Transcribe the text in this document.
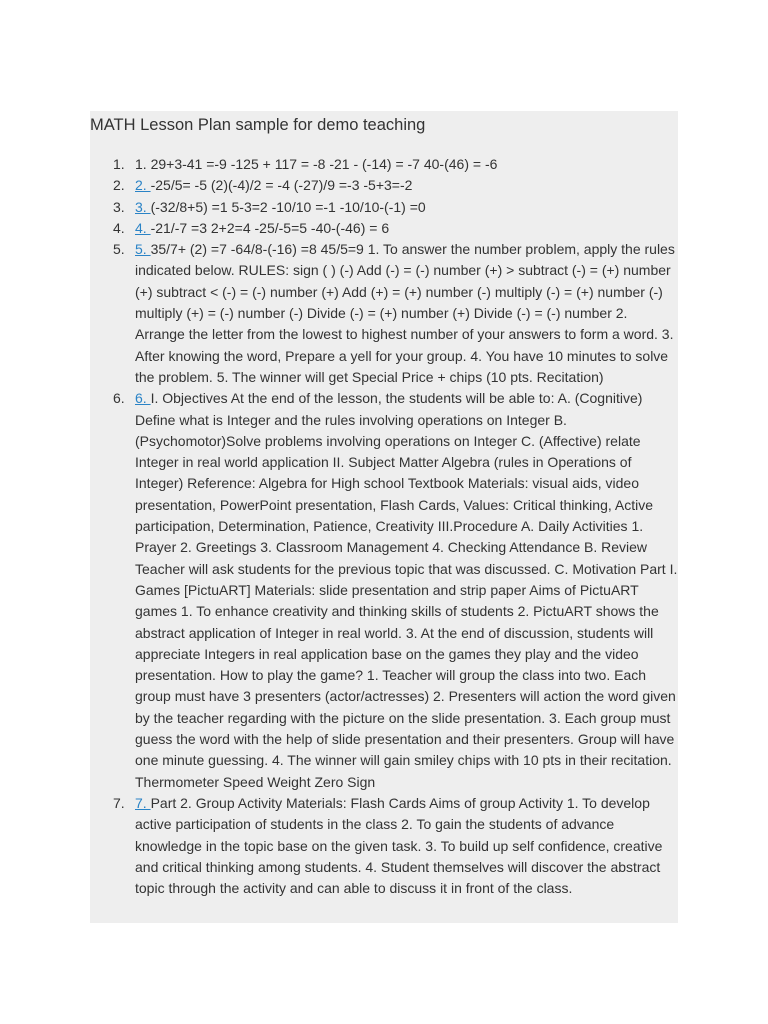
MATH Lesson Plan sample for demo teaching
1. 1. 29+3-41 =-9 -125 + 117 = -8 -21 - (-14) = -7 40-(46) = -6
2. 2. -25/5= -5 (2)(-4)/2 = -4 (-27)/9 =-3 -5+3=-2
3. 3. (-32/8+5) =1 5-3=2 -10/10 =-1 -10/10-(-1) =0
4. 4. -21/-7 =3 2+2=4 -25/-5=5 -40-(-46) = 6
5. 5. 35/7+ (2) =7 -64/8-(-16) =8 45/5=9 1. To answer the number problem, apply the rules indicated below. RULES: sign ( ) (-) Add (-) = (-) number (+) > subtract (-) = (+) number (+) subtract < (-) = (-) number (+) Add (+) = (+) number (-) multiply (-) = (+) number (-) multiply (+) = (-) number (-) Divide (-) = (+) number (+) Divide (-) = (-) number 2. Arrange the letter from the lowest to highest number of your answers to form a word. 3. After knowing the word, Prepare a yell for your group. 4. You have 10 minutes to solve the problem. 5. The winner will get Special Price + chips (10 pts. Recitation)
6. 6. I. Objectives At the end of the lesson, the students will be able to: A. (Cognitive) Define what is Integer and the rules involving operations on Integer B. (Psychomotor)Solve problems involving operations on Integer C. (Affective) relate Integer in real world application II. Subject Matter Algebra (rules in Operations of Integer) Reference: Algebra for High school Textbook Materials: visual aids, video presentation, PowerPoint presentation, Flash Cards, Values: Critical thinking, Active participation, Determination, Patience, Creativity III.Procedure A. Daily Activities 1. Prayer 2. Greetings 3. Classroom Management 4. Checking Attendance B. Review Teacher will ask students for the previous topic that was discussed. C. Motivation Part I. Games [PictuART] Materials: slide presentation and strip paper Aims of PictuART games 1. To enhance creativity and thinking skills of students 2. PictuART shows the abstract application of Integer in real world. 3. At the end of discussion, students will appreciate Integers in real application base on the games they play and the video presentation. How to play the game? 1. Teacher will group the class into two. Each group must have 3 presenters (actor/actresses) 2. Presenters will action the word given by the teacher regarding with the picture on the slide presentation. 3. Each group must guess the word with the help of slide presentation and their presenters. Group will have one minute guessing. 4. The winner will gain smiley chips with 10 pts in their recitation. Thermometer Speed Weight Zero Sign
7. 7. Part 2. Group Activity Materials: Flash Cards Aims of group Activity 1. To develop active participation of students in the class 2. To gain the students of advance knowledge in the topic base on the given task. 3. To build up self confidence, creative and critical thinking among students. 4. Student themselves will discover the abstract topic through the activity and can able to discuss it in front of the class.
